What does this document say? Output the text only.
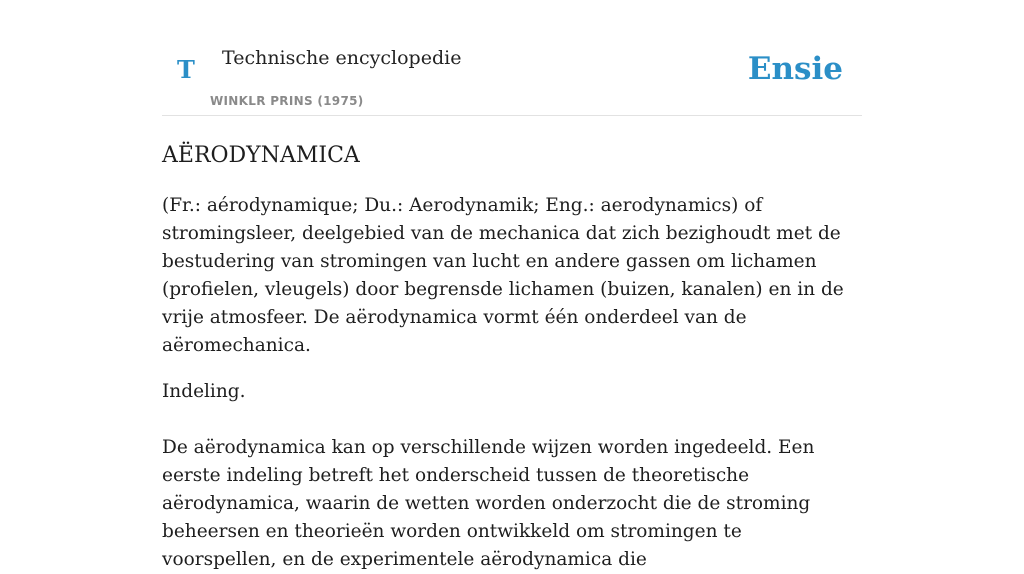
T Technische encyclopedie
WINKLR PRINS (1975)
Ensie
AËRODYNAMICA

(Fr.: aérodynamique; Du.: Aerodynamik; Eng.: aerodynamics) of stromingsleer, deelgebied van de mechanica dat zich bezighoudt met de bestudering van stromingen van lucht en andere gassen om lichamen (profielen, vleugels) door begrensde lichamen (buizen, kanalen) en in de vrije atmosfeer. De aërodynamica vormt één onderdeel van de aëromechanica.

Indeling.

De aërodynamica kan op verschillende wijzen worden ingedeeld. Een eerste indeling betreft het onderscheid tussen de theoretische aërodynamica, waarin de wetten worden onderzocht die de stroming beheersen en theorieën worden ontwikkeld om stromingen te voorspellen, en de experimentele aërodynamica die
